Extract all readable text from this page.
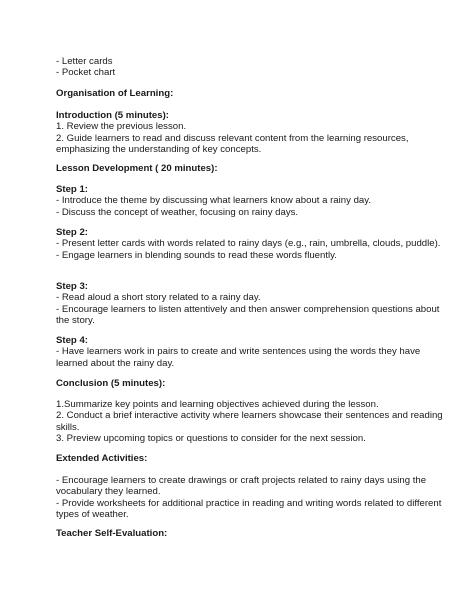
- Letter cards

- Pocket chart

Organisation of Learning:

Introduction (5 minutes):

1. Review the previous lesson.

2. Guide learners to read and discuss relevant content from the learning resources, emphasizing the understanding of key concepts.

Lesson Development ( 20 minutes):

Step 1:

- Introduce the theme by discussing what learners know about a rainy day.

- Discuss the concept of weather, focusing on rainy days.

Step 2:

- Present letter cards with words related to rainy days (e.g., rain, umbrella, clouds, puddle).

- Engage learners in blending sounds to read these words fluently.

Step 3:

- Read aloud a short story related to a rainy day.

- Encourage learners to listen attentively and then answer comprehension questions about the story.

Step 4:

- Have learners work in pairs to create and write sentences using the words they have learned about the rainy day.

Conclusion (5 minutes):

1.Summarize key points and learning objectives achieved during the lesson.

2. Conduct a brief interactive activity where learners showcase their sentences and reading skills.

3. Preview upcoming topics or questions to consider for the next session.

Extended Activities:

- Encourage learners to create drawings or craft projects related to rainy days using the vocabulary they learned.

- Provide worksheets for additional practice in reading and writing words related to different types of weather.

Teacher Self-Evaluation:
